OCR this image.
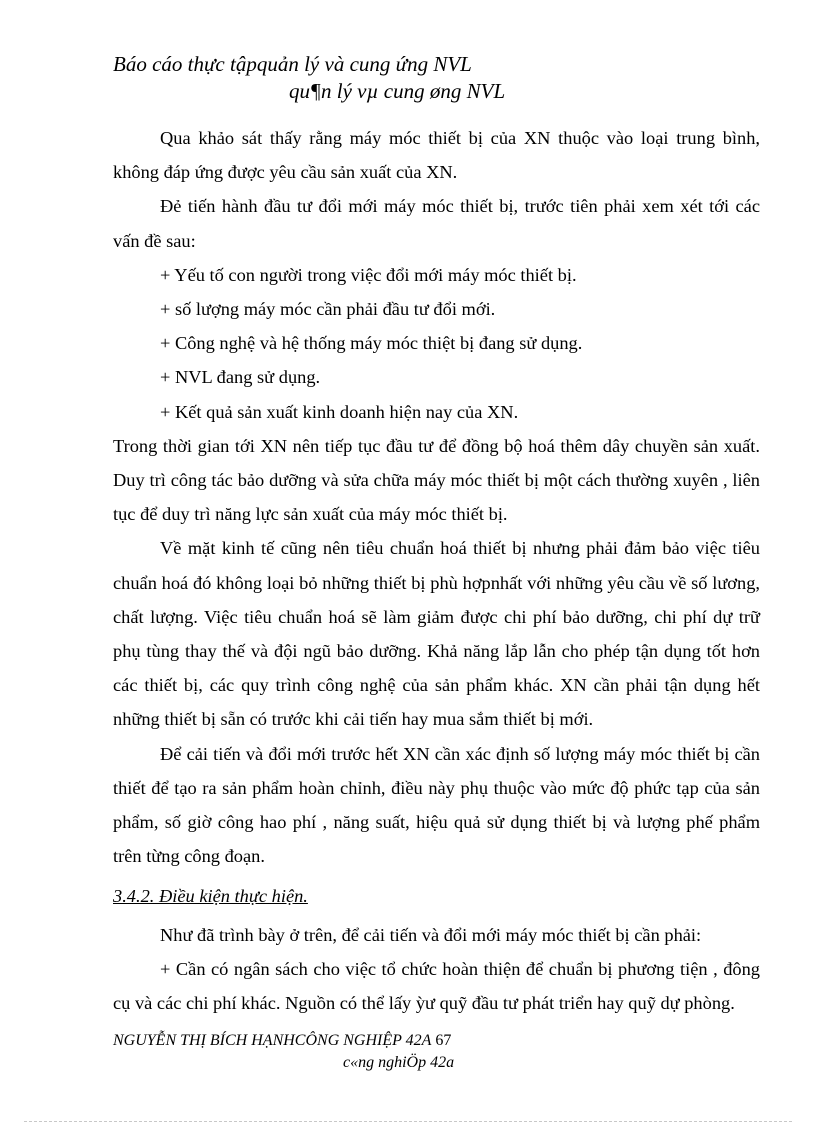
Báo cáo thực tậpquản lý và cung ứng NVL
qu¶n lý vµ cung øng NVL

Qua khảo sát thấy rằng máy móc thiết bị của XN thuộc vào loại trung bình, không đáp ứng được yêu cầu sản xuất của XN.

Đẻ tiến hành đầu tư đổi mới máy móc thiết bị, trước tiên phải xem xét tới các vấn đề sau:

+ Yếu tố con người trong việc đổi mới máy móc thiết bị.

+ số lượng máy móc cần phải đầu tư đổi mới.

+ Công nghệ và hệ thống máy móc thiệt bị đang sử dụng.

+ NVL đang sử dụng.

+ Kết quả sản xuất kinh doanh hiện nay của XN.

Trong thời gian tới XN nên tiếp tục đầu tư để đồng bộ hoá thêm dây chuyền sản xuất. Duy trì công tác bảo dưỡng và sửa chữa máy móc thiết bị một cách thường xuyên , liên tục để duy trì năng lực sản xuất của máy móc thiết bị.

Về mặt kinh tế cũng nên tiêu chuẩn hoá thiết bị nhưng phải đảm bảo việc tiêu chuẩn hoá đó không loại bỏ những thiết bị phù hợpnhất với những yêu cầu về số lương, chất lượng. Việc tiêu chuẩn hoá sẽ làm giảm được chi phí bảo dưỡng, chi phí dự trữ phụ tùng thay thế và đội ngũ bảo dưỡng. Khả năng lắp lẫn cho phép tận dụng tốt hơn các thiết bị, các quy trình công nghệ của sản phẩm khác. XN cần phải tận dụng hết những thiết bị sẵn có trước khi cải tiến hay mua sắm thiết bị mới.

Để cải tiến và đổi mới trước hết XN cần xác định số lượng máy móc thiết bị cần thiết để tạo ra sản phẩm hoàn chỉnh, điều này phụ thuộc vào mức độ phức tạp của sản phẩm, số giờ công hao phí , năng suất, hiệu quả sử dụng thiết bị và lượng phế phẩm trên từng công đoạn.

3.4.2. Điều kiện thực hiện.

Như đã trình bày ở trên, để cải tiến và đổi mới máy móc thiết bị cần phải:

+ Cần có ngân sách cho việc tổ chức hoàn thiện để chuẩn bị phương tiện , đông cụ và các chi phí khác. Nguồn có thể lấy ỳư quỹ đầu tư phát triển hay quỹ dự phòng.

NGUYỄN THỊ BÍCH HẠNHCÔNG NGHIỆP 42A 67
c«ng nghiÖp 42a
